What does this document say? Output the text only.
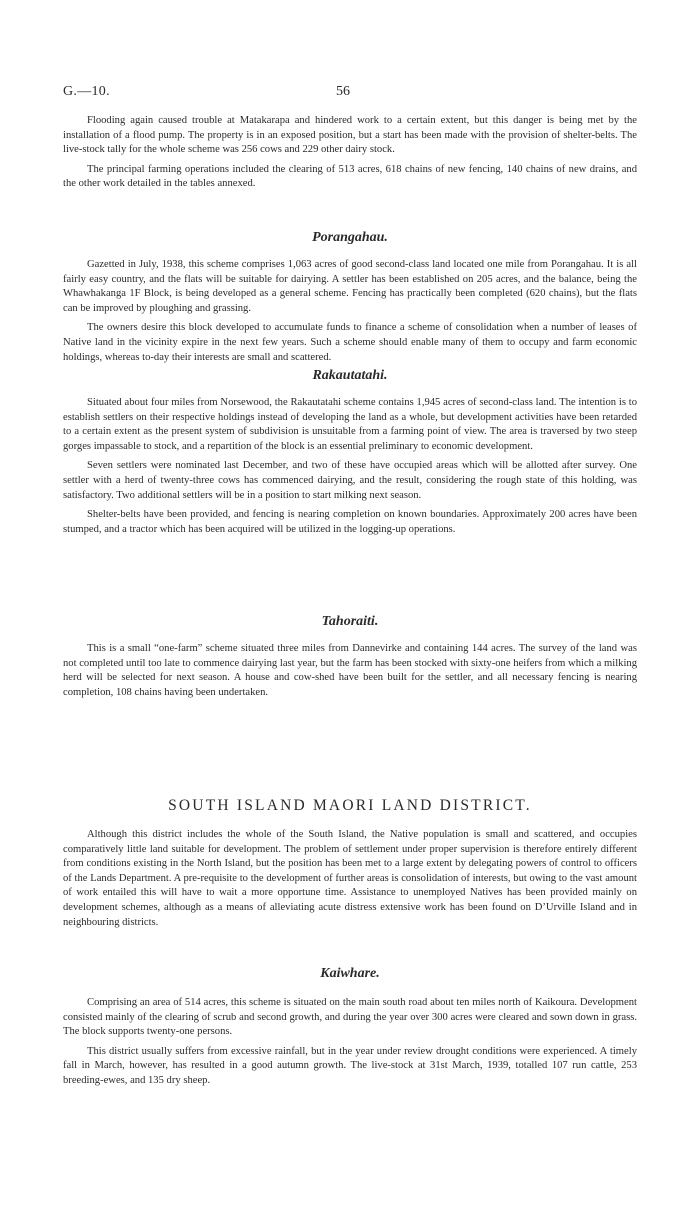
G.—10.	56

Flooding again caused trouble at Matakarapa and hindered work to a certain extent, but this danger is being met by the installation of a flood pump. The property is in an exposed position, but a start has been made with the provision of shelter-belts. The live-stock tally for the whole scheme was 256 cows and 229 other dairy stock.

The principal farming operations included the clearing of 513 acres, 618 chains of new fencing, 140 chains of new drains, and the other work detailed in the tables annexed.

Porangahau.

Gazetted in July, 1938, this scheme comprises 1,063 acres of good second-class land located one mile from Porangahau. It is all fairly easy country, and the flats will be suitable for dairying. A settler has been established on 205 acres, and the balance, being the Whawhakanga 1F Block, is being developed as a general scheme. Fencing has practically been completed (620 chains), but the flats can be improved by ploughing and grassing.

The owners desire this block developed to accumulate funds to finance a scheme of consolidation when a number of leases of Native land in the vicinity expire in the next few years. Such a scheme should enable many of them to occupy and farm economic holdings, whereas to-day their interests are small and scattered.

Rakautatahi.

Situated about four miles from Norsewood, the Rakautatahi scheme contains 1,945 acres of second-class land. The intention is to establish settlers on their respective holdings instead of developing the land as a whole, but development activities have been retarded to a certain extent as the present system of subdivision is unsuitable from a farming point of view. The area is traversed by two steep gorges impassable to stock, and a repartition of the block is an essential preliminary to economic development.

Seven settlers were nominated last December, and two of these have occupied areas which will be allotted after survey. One settler with a herd of twenty-three cows has commenced dairying, and the result, considering the rough state of this holding, was satisfactory. Two additional settlers will be in a position to start milking next season.

Shelter-belts have been provided, and fencing is nearing completion on known boundaries. Approximately 200 acres have been stumped, and a tractor which has been acquired will be utilized in the logging-up operations.

Tahoraiti.

This is a small “one-farm” scheme situated three miles from Dannevirke and containing 144 acres. The survey of the land was not completed until too late to commence dairying last year, but the farm has been stocked with sixty-one heifers from which a milking herd will be selected for next season. A house and cow-shed have been built for the settler, and all necessary fencing is nearing completion, 108 chains having been undertaken.

SOUTH ISLAND MAORI LAND DISTRICT.

Although this district includes the whole of the South Island, the Native population is small and scattered, and occupies comparatively little land suitable for development. The problem of settlement under proper supervision is therefore entirely different from conditions existing in the North Island, but the position has been met to a large extent by delegating powers of control to officers of the Lands Department. A pre-requisite to the development of further areas is consolidation of interests, but owing to the vast amount of work entailed this will have to wait a more opportune time. Assistance to unemployed Natives has been provided mainly on development schemes, although as a means of alleviating acute distress extensive work has been found on D’Urville Island and in neighbouring districts.

Kaiwhare.

Comprising an area of 514 acres, this scheme is situated on the main south road about ten miles north of Kaikoura. Development consisted mainly of the clearing of scrub and second growth, and during the year over 300 acres were cleared and sown down in grass. The block supports twenty-one persons.

This district usually suffers from excessive rainfall, but in the year under review drought conditions were experienced. A timely fall in March, however, has resulted in a good autumn growth. The live-stock at 31st March, 1939, totalled 107 run cattle, 253 breeding-ewes, and 135 dry sheep.
